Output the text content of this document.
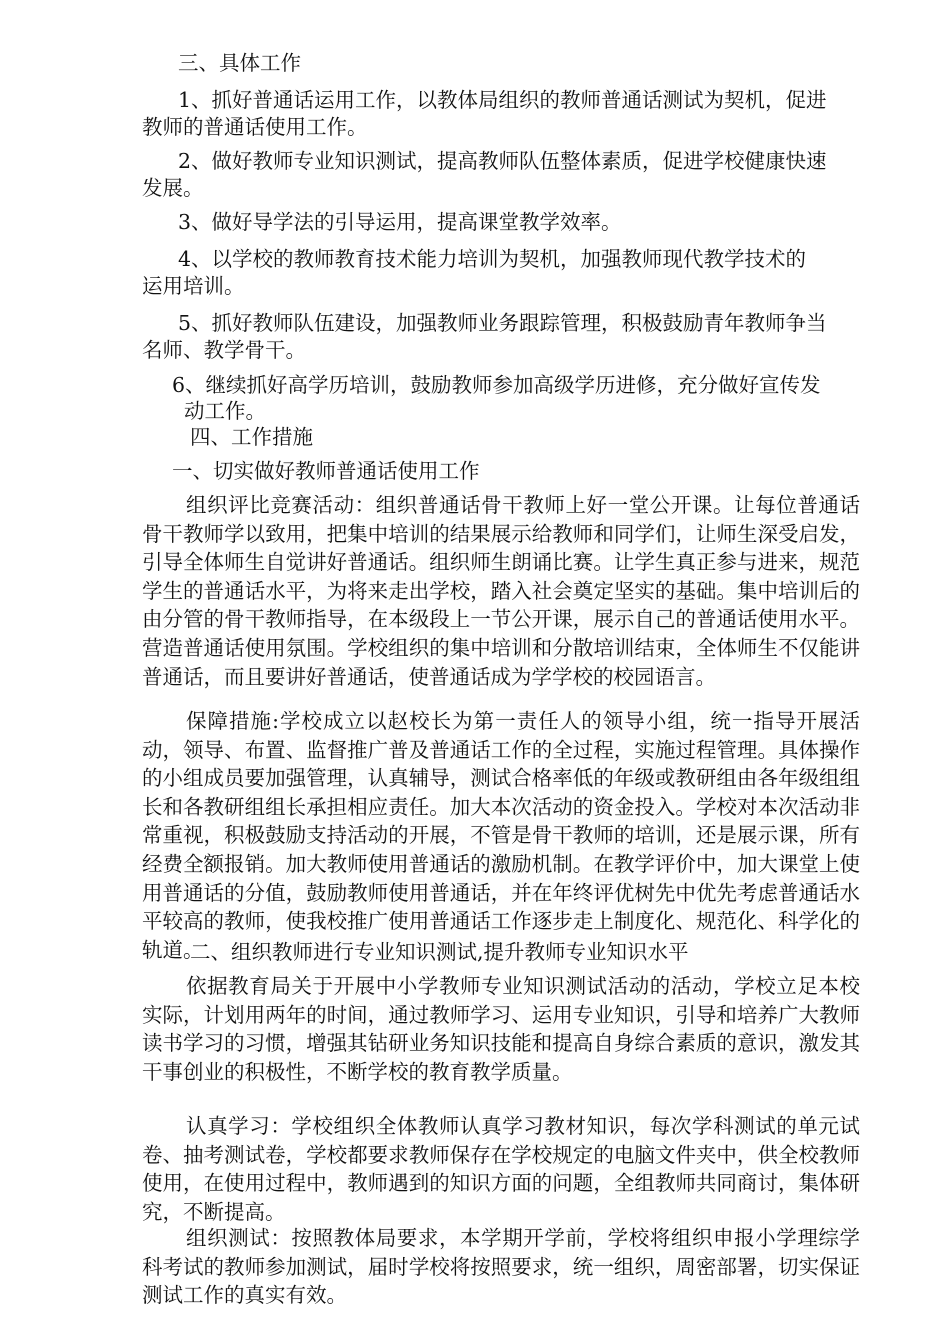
三、具体工作
1、抓好普通话运用工作，以教体局组织的教师普通话测试为契机，促进
教师的普通话使用工作。
2、做好教师专业知识测试，提高教师队伍整体素质，促进学校健康快速
发展。
3、做好导学法的引导运用，提高课堂教学效率。
4、以学校的教师教育技术能力培训为契机，加强教师现代教学技术的
运用培训。
5、抓好教师队伍建设，加强教师业务跟踪管理，积极鼓励青年教师争当
名师、教学骨干。
6、继续抓好高学历培训，鼓励教师参加高级学历进修，充分做好宣传发
动工作。
四、工作措施
一、切实做好教师普通话使用工作
组织评比竞赛活动：组织普通话骨干教师上好一堂公开课。让每位普通话骨干教师学以致用，把集中培训的结果展示给教师和同学们，让师生深受启发，引导全体师生自觉讲好普通话。组织师生朗诵比赛。让学生真正参与进来，规范学生的普通话水平，为将来走出学校，踏入社会奠定坚实的基础。集中培训后的由分管的骨干教师指导，在本级段上一节公开课，展示自己的普通话使用水平。营造普通话使用氛围。学校组织的集中培训和分散培训结束，全体师生不仅能讲普通话，而且要讲好普通话，使普通话成为学学校的校园语言。
保障措施:学校成立以赵校长为第一责任人的领导小组，统一指导开展活动，领导、布置、监督推广普及普通话工作的全过程，实施过程管理。具体操作的小组成员要加强管理，认真辅导，测试合格率低的年级或教研组由各年级组组长和各教研组组长承担相应责任。加大本次活动的资金投入。学校对本次活动非常重视，积极鼓励支持活动的开展，不管是骨干教师的培训，还是展示课，所有经费全额报销。加大教师使用普通话的激励机制。在教学评价中，加大课堂上使用普通话的分值，鼓励教师使用普通话，并在年终评优树先中优先考虑普通话水平较高的教师，使我校推广使用普通话工作逐步走上制度化、规范化、科学化的轨道。
二、组织教师进行专业知识测试,提升教师专业知识水平
依据教育局关于开展中小学教师专业知识测试活动的活动，学校立足本校实际，计划用两年的时间，通过教师学习、运用专业知识，引导和培养广大教师读书学习的习惯，增强其钻研业务知识技能和提高自身综合素质的意识，激发其干事创业的积极性，不断学校的教育教学质量。
认真学习：学校组织全体教师认真学习教材知识，每次学科测试的单元试卷、抽考测试卷，学校都要求教师保存在学校规定的电脑文件夹中，供全校教师使用，在使用过程中，教师遇到的知识方面的问题，全组教师共同商讨，集体研究，不断提高。
组织测试：按照教体局要求，本学期开学前，学校将组织申报小学理综学科考试的教师参加测试，届时学校将按照要求，统一组织，周密部署，切实保证测试工作的真实有效。
